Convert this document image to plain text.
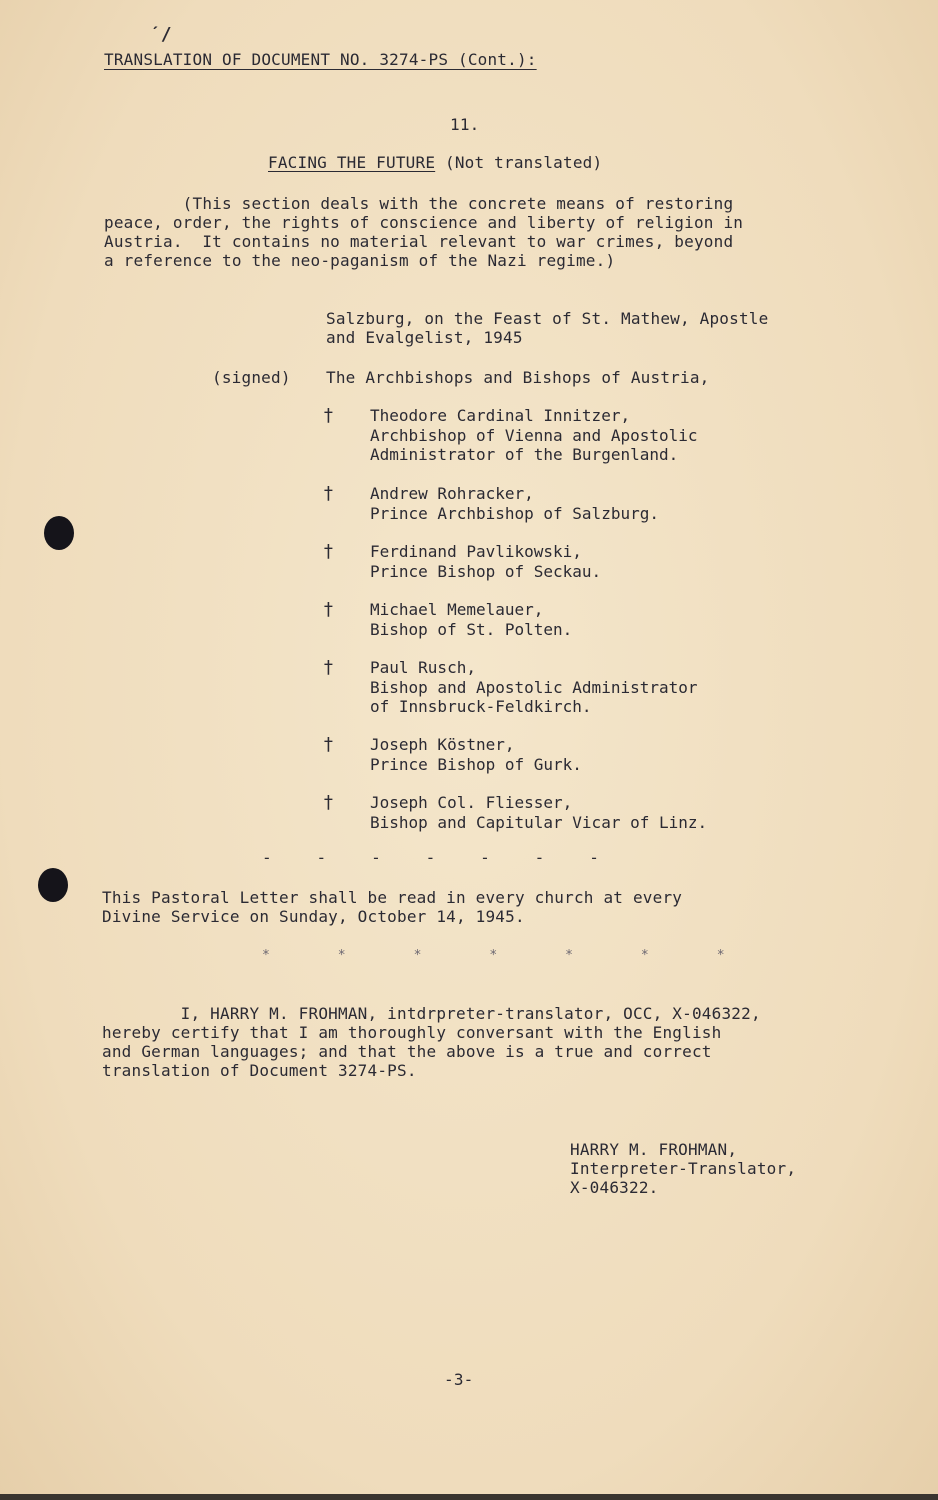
ˊ/
TRANSLATION OF DOCUMENT NO. 3274-PS (Cont.):
11.
FACING THE FUTURE (Not translated)
(This section deals with the concrete means of restoring
peace, order, the rights of conscience and liberty of religion in
Austria.  It contains no material relevant to war crimes, beyond
a reference to the neo-paganism of the Nazi regime.)
Salzburg, on the Feast of St. Mathew, Apostle
and Evalgelist, 1945
(signed) The Archbishops and Bishops of Austria,
† Theodore Cardinal Innitzer,
Archbishop of Vienna and Apostolic
Administrator of the Burgenland.
† Andrew Rohracker,
Prince Archbishop of Salzburg.
† Ferdinand Pavlikowski,
Prince Bishop of Seckau.
† Michael Memelauer,
Bishop of St. Polten.
† Paul Rusch,
Bishop and Apostolic Administrator
of Innsbruck-Feldkirch.
† Joseph Köstner,
Prince Bishop of Gurk.
† Joseph Col. Fliesser,
Bishop and Capitular Vicar of Linz.
-   -   -   -   -   -   -
This Pastoral Letter shall be read in every church at every
Divine Service on Sunday, October 14, 1945.
*      *      *      *      *      *      *
I, HARRY M. FROHMAN, intdrpreter-translator, OCC, X-046322,
hereby certify that I am thoroughly conversant with the English
and German languages; and that the above is a true and correct
translation of Document 3274-PS.
HARRY M. FROHMAN,
Interpreter-Translator,
X-046322.
-3-
